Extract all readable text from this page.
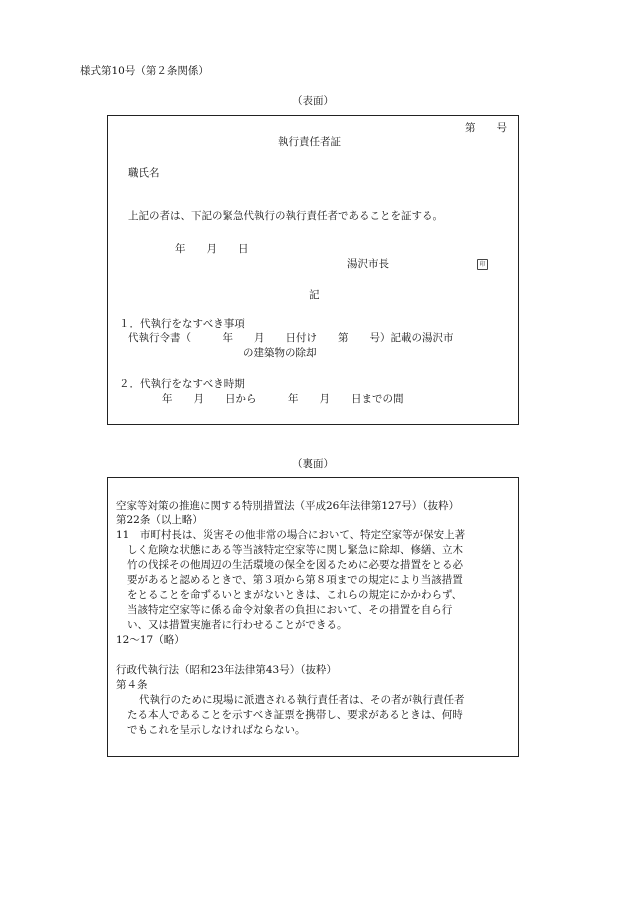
様式第10号（第２条関係）
（表面）
第　　号
執行責任者証
職氏名
上記の者は、下記の緊急代執行の執行責任者であることを証する。
年　　月　　日
湯沢市長	印
記
１．代執行をなすべき事項
代執行令書（　　　年　　月　　日付け　　第　　号）記載の湯沢市
の建築物の除却
２．代執行をなすべき時期
年　　月　　日から　　　年　　月　　日までの間
（裏面）
空家等対策の推進に関する特別措置法（平成26年法律第127号）（抜粋）
第22条（以上略）
11　市町村長は、災害その他非常の場合において、特定空家等が保安上著
しく危険な状態にある等当該特定空家等に関し緊急に除却、修繕、立木
竹の伐採その他周辺の生活環境の保全を図るために必要な措置をとる必
要があると認めるときで、第３項から第８項までの規定により当該措置
をとることを命ずるいとまがないときは、これらの規定にかかわらず、
当該特定空家等に係る命令対象者の負担において、その措置を自ら行
い、又は措置実施者に行わせることができる。
12～17（略）
行政代執行法（昭和23年法律第43号）（抜粋）
第４条
代執行のために現場に派遣される執行責任者は、その者が執行責任者
たる本人であることを示すべき証票を携帯し、要求があるときは、何時
でもこれを呈示しなければならない。
